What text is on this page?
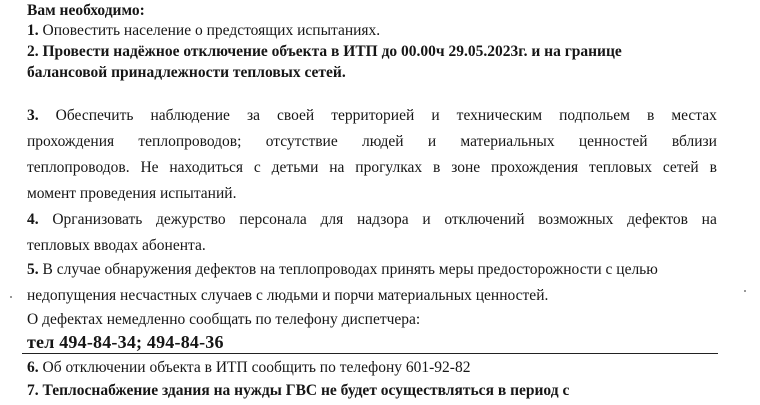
Вам необходимо:
1. Оповестить население о предстоящих испытаниях.
2. Провести надёжное отключение объекта в ИТП до 00.00ч 29.05.2023г. и на границе
балансовой принадлежности тепловых сетей.
3. Обеспечить наблюдение за своей территорией и техническим подпольем в местах
прохождения теплопроводов; отсутствие людей и материальных ценностей вблизи
теплопроводов. Не находиться с детьми на прогулках в зоне прохождения тепловых сетей в
момент проведения испытаний.
4. Организовать дежурство персонала для надзора и отключений возможных дефектов на
тепловых вводах абонента.
5. В случае обнаружения дефектов на теплопроводах принять меры предосторожности с целью
недопущения несчастных случаев с людьми и порчи материальных ценностей.
О дефектах немедленно сообщать по телефону диспетчера:
тел 494-84-34; 494-84-36
6. Об отключении объекта в ИТП сообщить по телефону 601-92-82
7. Теплоснабжение здания на нужды ГВС не будет осуществляться в период с
